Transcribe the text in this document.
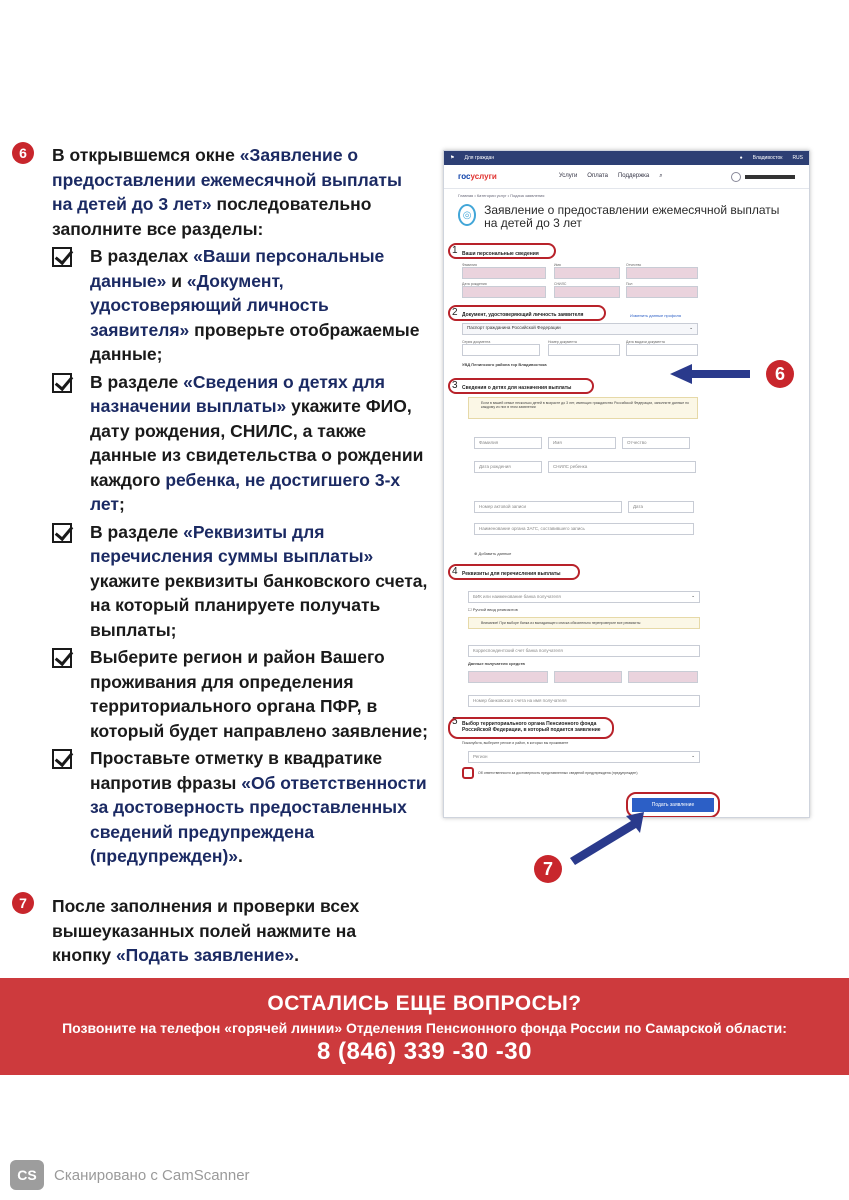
6	В открывшемся окне «Заявление о предоставлении ежемесячной выплаты на детей до 3 лет» последовательно заполните все разделы:

В разделах «Ваши персональные данные» и «Документ, удостоверяющий личность заявителя» проверьте отображаемые данные;
В разделе «Сведения о детях для назначении выплаты» укажите ФИО, дату рождения, СНИЛС, а также данные из свидетельства о рождении каждого ребенка, не достигшего 3-х лет;
В разделе «Реквизиты для перечисления суммы выплаты» укажите реквизиты банковского счета, на который планируете получать выплаты;
Выберите регион и район Вашего проживания для определения территориального органа ПФР, в который будет направлено заявление;
Проставьте отметку в квадратике напротив фразы «Об ответственности за достоверность предоставленных сведений предупреждена (предупрежден)».
7	После заполнения и проверки всех вышеуказанных полей нажмите на кнопку «Подать заявление».

⚑ Для граждан	● Владивосток RUS
госуслуги	Услуги Оплата Поддержка ⌕
Главная • Категории услуг • Подача заявления
◎	Заявление о предоставлении ежемесячной выплаты на детей до 3 лет
1 Ваши персональные сведения
Фамилия	Имя	Отчество
Дата рождения	СНИЛС	Пол
2 Документ, удостоверяющий личность заявителя	Изменить данные профиля
Паспорт гражданина Российской Федерации	⌄
Серия документа	Номер документа	Дата выдачи документа
УВД Пенинского района гор Владивостока
3 Сведения о детях для назначения выплаты
Если в вашей семье несколько детей в возрасте до 3 лет, имеющих гражданство Российской Федерации, заполните данные по каждому из них в этом заявлении
Фамилия	Имя	Отчество
Дата рождения	СНИЛС ребенка
Номер актовой записи	Дата
Наименование органа ЗАГС, составившего запись
⊕ Добавить данные
4 Реквизиты для перечисления выплаты
БИК или наименование банка получателя	⌄
☐ Ручной ввод реквизитов
Внимание! При выборе банка из выпадающего списка обязательно перепроверьте все реквизиты
Корреспондентский счет банка получателя
Данные получателя средств
Номер банковского счета на имя получателя
5 Выбор территориального органа Пенсионного фонда Российской Федерации, в который подается заявление
Пожалуйста, выберите регион и район, в которых вы проживаете
Регион	⌄
Об ответственности за достоверность представленных сведений предупреждена (предупрежден)
Подать заявление
6
7
ОСТАЛИСЬ ЕЩЕ ВОПРОСЫ?
Позвоните на телефон «горячей линии» Отделения Пенсионного фонда России по Самарской области:
8 (846) 339 -30 -30
CS	Сканировано с CamScanner
